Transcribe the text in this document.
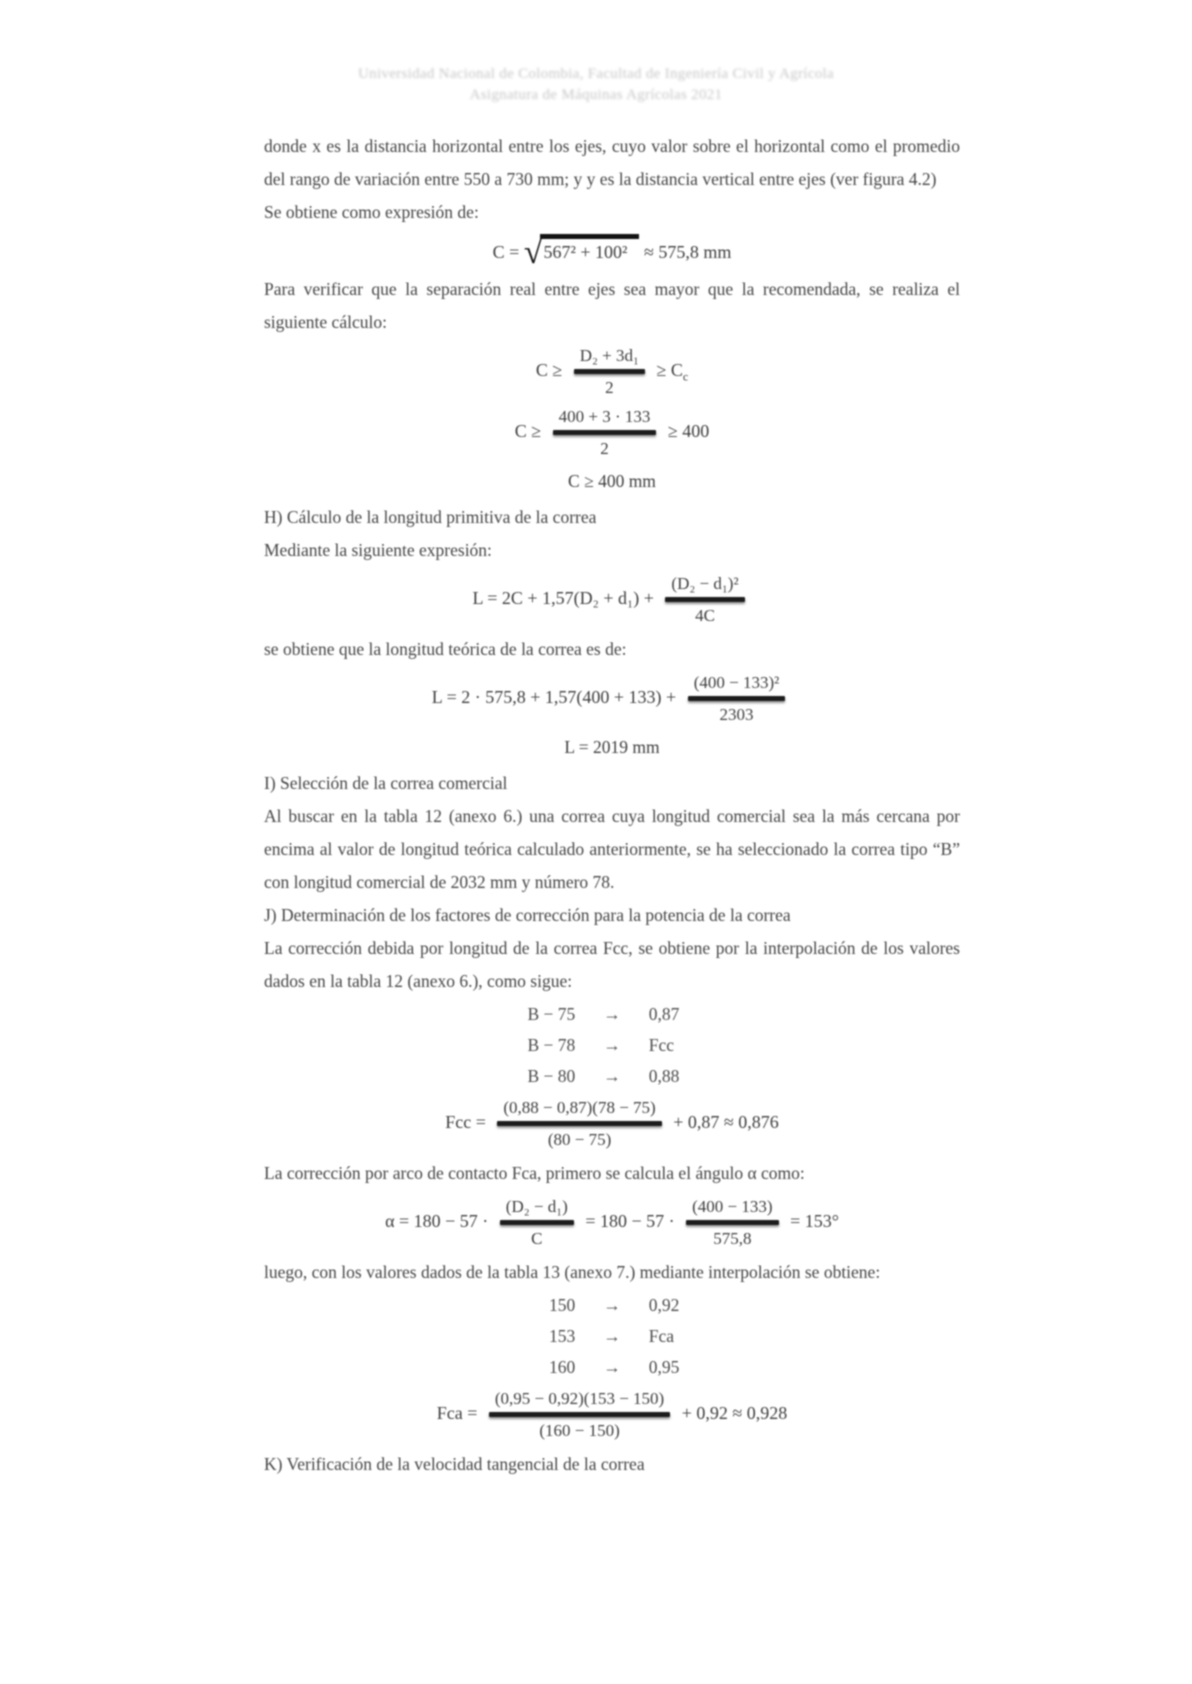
Universidad Nacional de Colombia, Facultad de Ingeniería Civil y Agrícola
Asignatura de Máquinas Agrícolas 2021

donde x es la distancia horizontal entre los ejes, cuyo valor sobre el horizontal como el promedio del rango de variación entre 550 a 730 mm; y y es la distancia vertical entre ejes (ver figura 4.2)

Se obtiene como expresión de:

C = √567² + 100² ≈ 575,8 mm

Para verificar que la separación real entre ejes sea mayor que la recomendada, se realiza el siguiente cálculo:

C ≥
D₂ + 3d₁
2
≥ $C_c$
C ≥
400 + 3 · 133
2
≥ 400
C ≥ 400 mm

H) Cálculo de la longitud primitiva de la correa

Mediante la siguiente expresión:

L = 2C + 1,57(D₂ + d₁) +
(D₂ − d₁)²
4C

se obtiene que la longitud teórica de la correa es de:

L = 2 · 575,8 + 1,57(400 + 133) +
(400 − 133)²
2303
L = 2019 mm

I) Selección de la correa comercial

Al buscar en la tabla 12 (anexo 6.) una correa cuya longitud comercial sea la más cercana por encima al valor de longitud teórica calculado anteriormente, se ha seleccionado la correa tipo “B” con longitud comercial de 2032 mm y número 78.

J) Determinación de los factores de corrección para la potencia de la correa

La corrección debida por longitud de la correa Fcc, se obtiene por la interpolación de los valores dados en la tabla 12 (anexo 6.), como sigue:

B − 75 → 0,87
B − 78 → Fcc
B − 80 → 0,88
Fcc =
(0,88 − 0,87)(78 − 75)
(80 − 75)
+ 0,87 ≈ 0,876

La corrección por arco de contacto Fca, primero se calcula el ángulo α como:

α = 180 − 57 ·
(D₂ − d₁)
C
= 180 − 57 ·
(400 − 133)
575,8
= 153°

luego, con los valores dados de la tabla 13 (anexo 7.) mediante interpolación se obtiene:

150 → 0,92
153 → Fca
160 → 0,95
Fca =
(0,95 − 0,92)(153 − 150)
(160 − 150)
+ 0,92 ≈ 0,928

K) Verificación de la velocidad tangencial de la correa
